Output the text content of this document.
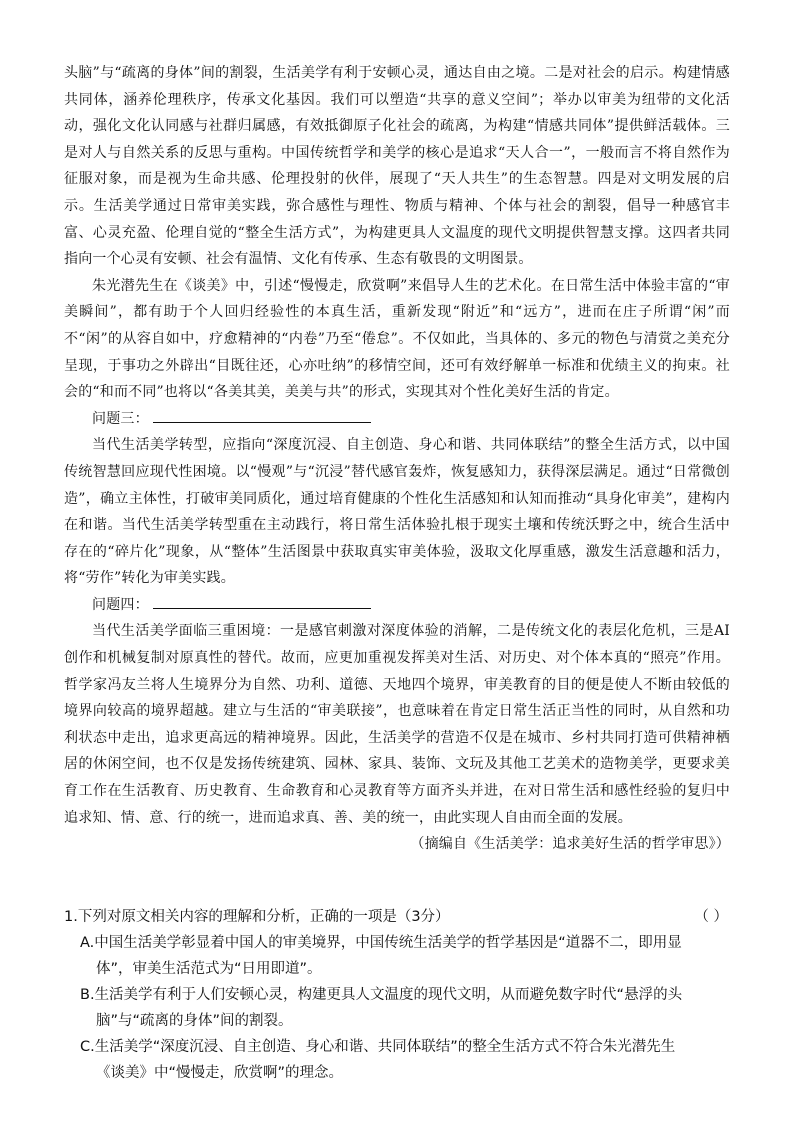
头脑”与“疏离的身体”间的割裂，生活美学有利于安顿心灵，通达自由之境。二是对社会的启示。构建情感共同体，涵养伦理秩序，传承文化基因。我们可以塑造“共享的意义空间”；举办以审美为纽带的文化活动，强化文化认同感与社群归属感，有效抵御原子化社会的疏离，为构建“情感共同体”提供鲜活载体。三是对人与自然关系的反思与重构。中国传统哲学和美学的核心是追求“天人合一”，一般而言不将自然作为征服对象，而是视为生命共感、伦理投射的伙伴，展现了“天人共生”的生态智慧。四是对文明发展的启示。生活美学通过日常审美实践，弥合感性与理性、物质与精神、个体与社会的割裂，倡导一种感官丰富、心灵充盈、伦理自觉的“整全生活方式”，为构建更具人文温度的现代文明提供智慧支撑。这四者共同指向一个心灵有安顿、社会有温情、文化有传承、生态有敬畏的文明图景。

朱光潜先生在《谈美》中，引述“慢慢走，欣赏啊”来倡导人生的艺术化。在日常生活中体验丰富的“审美瞬间”，都有助于个人回归经验性的本真生活，重新发现“附近”和“远方”，进而在庄子所谓“闲”而不“闲”的从容自如中，疗愈精神的“内卷”乃至“倦怠”。不仅如此，当具体的、多元的物色与清赏之美充分呈现，于事功之外辟出“目既往还，心亦吐纳”的移情空间，还可有效纾解单一标准和优绩主义的拘束。社会的“和而不同”也将以“各美其美，美美与共”的形式，实现其对个性化美好生活的肯定。

问题三：

当代生活美学转型，应指向“深度沉浸、自主创造、身心和谐、共同体联结”的整全生活方式，以中国传统智慧回应现代性困境。以“慢观”与“沉浸”替代感官轰炸，恢复感知力，获得深层满足。通过“日常微创造”，确立主体性，打破审美同质化，通过培育健康的个性化生活感知和认知而推动“具身化审美”，建构内在和谐。当代生活美学转型重在主动践行，将日常生活体验扎根于现实土壤和传统沃野之中，统合生活中存在的“碎片化”现象，从“整体”生活图景中获取真实审美体验，汲取文化厚重感，激发生活意趣和活力，将“劳作”转化为审美实践。

问题四：

当代生活美学面临三重困境：一是感官刺激对深度体验的消解，二是传统文化的表层化危机，三是AI创作和机械复制对原真性的替代。故而，应更加重视发挥美对生活、对历史、对个体本真的“照亮”作用。哲学家冯友兰将人生境界分为自然、功利、道德、天地四个境界，审美教育的目的便是使人不断由较低的境界向较高的境界超越。建立与生活的“审美联接”，也意味着在肯定日常生活正当性的同时，从自然和功利状态中走出，追求更高远的精神境界。因此，生活美学的营造不仅是在城市、乡村共同打造可供精神栖居的休闲空间，也不仅是发扬传统建筑、园林、家具、装饰、文玩及其他工艺美术的造物美学，更要求美育工作在生活教育、历史教育、生命教育和心灵教育等方面齐头并进，在对日常生活和感性经验的复归中追求知、情、意、行的统一，进而追求真、善、美的统一，由此实现人自由而全面的发展。

（摘编自《生活美学：追求美好生活的哲学审思》）

1.下列对原文相关内容的理解和分析，正确的一项是（3分）	（ ）

A.中国生活美学彰显着中国人的审美境界，中国传统生活美学的哲学基因是“道器不二，即用显
体”，审美生活范式为“日用即道”。

B.生活美学有利于人们安顿心灵，构建更具人文温度的现代文明，从而避免数字时代“悬浮的头
脑”与“疏离的身体”间的割裂。

C.生活美学“深度沉浸、自主创造、身心和谐、共同体联结”的整全生活方式不符合朱光潜先生
《谈美》中“慢慢走，欣赏啊”的理念。
